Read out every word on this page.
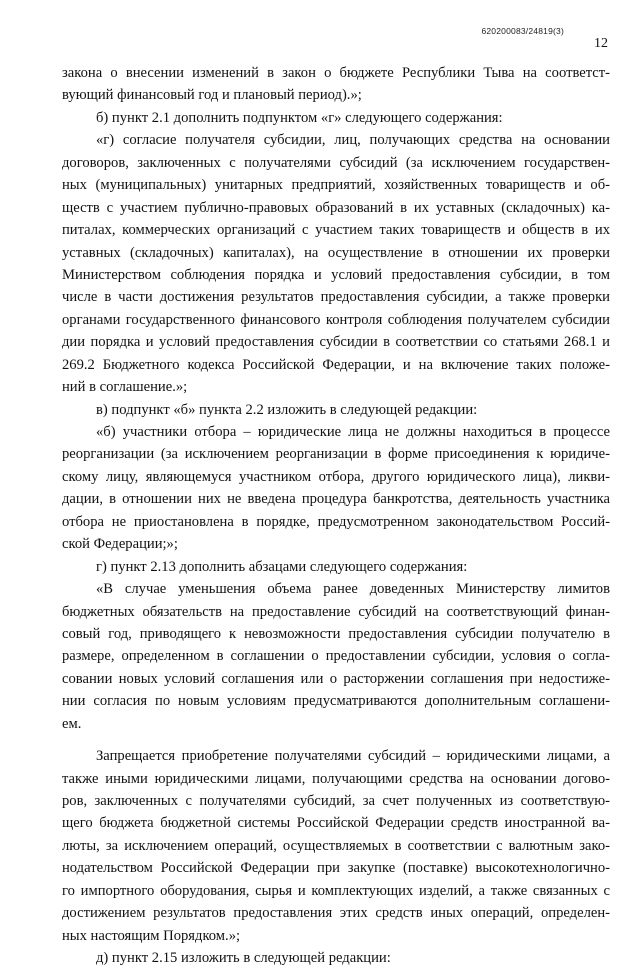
620200083/24819(3)
12
закона о внесении изменений в закон о бюджете Республики Тыва на соответст-
вующий финансовый год и плановый период).»;
б) пункт 2.1 дополнить подпунктом «г» следующего содержания:
«г) согласие получателя субсидии, лиц, получающих средства на основании
договоров, заключенных с получателями субсидий (за исключением государствен-
ных (муниципальных) унитарных предприятий, хозяйственных товариществ и об-
ществ с участием публично-правовых образований в их уставных (складочных) ка-
питалах, коммерческих организаций с участием таких товариществ и обществ в их
уставных (складочных) капиталах), на осуществление в отношении их проверки
Министерством соблюдения порядка и условий предоставления субсидии, в том
числе в части достижения результатов предоставления субсидии, а также проверки
органами государственного финансового контроля соблюдения получателем субсидии
дии порядка и условий предоставления субсидии в соответствии со статьями 268.1 и
269.2 Бюджетного кодекса Российской Федерации, и на включение таких положе-
ний в соглашение.»;
в) подпункт «б» пункта 2.2 изложить в следующей редакции:
«б) участники отбора – юридические лица не должны находиться в процессе
реорганизации (за исключением реорганизации в форме присоединения к юридиче-
скому лицу, являющемуся участником отбора, другого юридического лица), ликви-
дации, в отношении них не введена процедура банкротства, деятельность участника
отбора не приостановлена в порядке, предусмотренном законодательством Россий-
ской Федерации;»;
г) пункт 2.13 дополнить абзацами следующего содержания:
«В случае уменьшения объема ранее доведенных Министерству лимитов
бюджетных обязательств на предоставление субсидий на соответствующий финан-
совый год, приводящего к невозможности предоставления субсидии получателю в
размере, определенном в соглашении о предоставлении субсидии, условия о согла-
совании новых условий соглашения или о расторжении соглашения при недостиже-
нии согласия по новым условиям предусматриваются дополнительным соглашени-
ем.
Запрещается приобретение получателями субсидий – юридическими лицами, а
также иными юридическими лицами, получающими средства на основании догово-
ров, заключенных с получателями субсидий, за счет полученных из соответствую-
щего бюджета бюджетной системы Российской Федерации средств иностранной ва-
люты, за исключением операций, осуществляемых в соответствии с валютным зако-
нодательством Российской Федерации при закупке (поставке) высокотехнологично-
го импортного оборудования, сырья и комплектующих изделий, а также связанных с
достижением результатов предоставления этих средств иных операций, определен-
ных настоящим Порядком.»;
д) пункт 2.15 изложить в следующей редакции:
